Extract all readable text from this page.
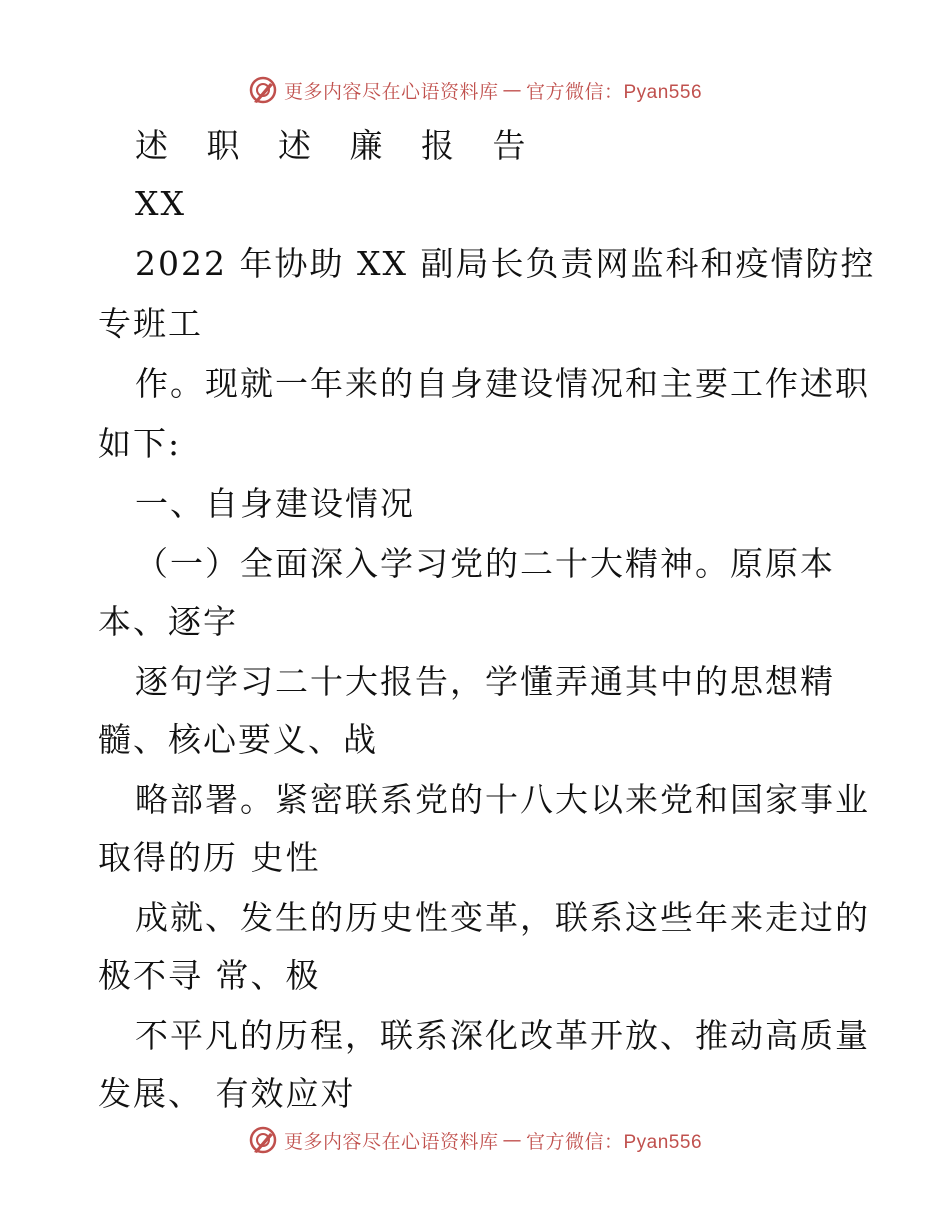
更多内容尽在心语资料库 — 官方微信：Pyan556
述 职 述 廉 报 告
XX
2022 年协助 XX 副局长负责网监科和疫情防控
专班工
作。现就一年来的自身建设情况和主要工作述职
如下:
一、自身建设情况
（一）全面深入学习党的二十大精神。原原本
本、逐字
逐句学习二十大报告，学懂弄通其中的思想精
髓、核心要义、战
略部署。紧密联系党的十八大以来党和国家事业
取得的历 史性
成就、发生的历史性变革，联系这些年来走过的
极不寻 常、极
不平凡的历程，联系深化改革开放、推动高质量
发展、 有效应对
更多内容尽在心语资料库 — 官方微信：Pyan556
